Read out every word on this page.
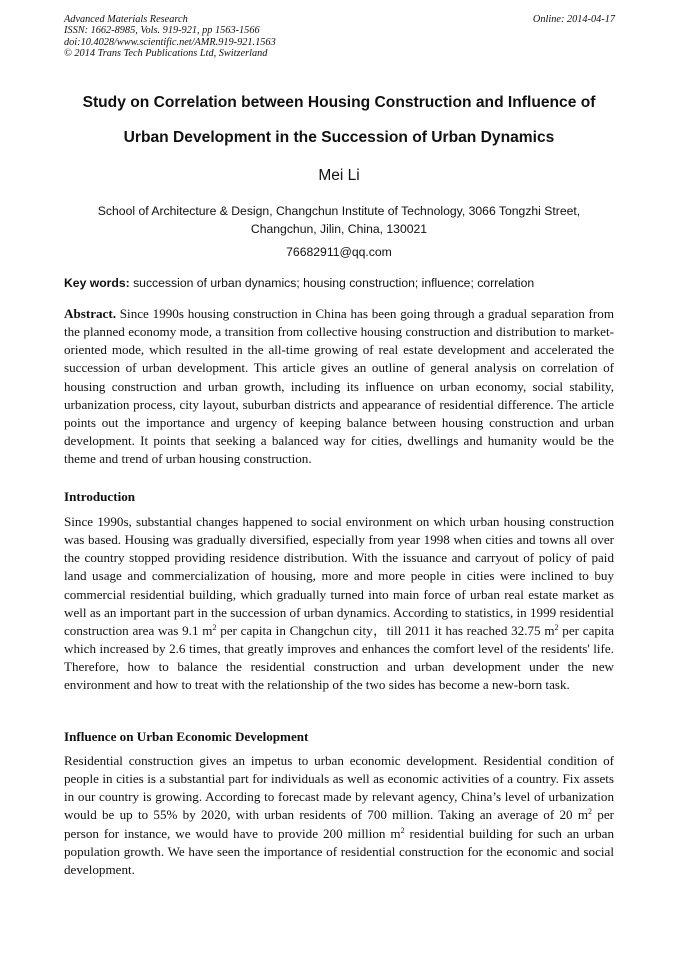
Advanced Materials Research
ISSN: 1662-8985, Vols. 919-921, pp 1563-1566
doi:10.4028/www.scientific.net/AMR.919-921.1563
© 2014 Trans Tech Publications Ltd, Switzerland
Online: 2014-04-17
Study on Correlation between Housing Construction and Influence of
Urban Development in the Succession of Urban Dynamics
Mei Li
School of Architecture & Design, Changchun Institute of Technology, 3066 Tongzhi Street,
Changchun, Jilin, China, 130021
76682911@qq.com
Key words: succession of urban dynamics; housing construction; influence; correlation
Abstract. Since 1990s housing construction in China has been going through a gradual separation from the planned economy mode, a transition from collective housing construction and distribution to market-oriented mode, which resulted in the all-time growing of real estate development and accelerated the succession of urban development. This article gives an outline of general analysis on correlation of housing construction and urban growth, including its influence on urban economy, social stability, urbanization process, city layout, suburban districts and appearance of residential difference. The article points out the importance and urgency of keeping balance between housing construction and urban development. It points that seeking a balanced way for cities, dwellings and humanity would be the theme and trend of urban housing construction.
Introduction
Since 1990s, substantial changes happened to social environment on which urban housing construction was based. Housing was gradually diversified, especially from year 1998 when cities and towns all over the country stopped providing residence distribution. With the issuance and carryout of policy of paid land usage and commercialization of housing, more and more people in cities were inclined to buy commercial residential building, which gradually turned into main force of urban real estate market as well as an important part in the succession of urban dynamics. According to statistics, in 1999 residential construction area was 9.1 $m^2$ per capita in Changchun city，till 2011 it has reached 32.75 $m^2$ per capita which increased by 2.6 times, that greatly improves and enhances the comfort level of the residents' life. Therefore, how to balance the residential construction and urban development under the new environment and how to treat with the relationship of the two sides has become a new-born task.
Influence on Urban Economic Development
Residential construction gives an impetus to urban economic development. Residential condition of people in cities is a substantial part for individuals as well as economic activities of a country. Fix assets in our country is growing. According to forecast made by relevant agency, China’s level of urbanization would be up to 55% by 2020, with urban residents of 700 million. Taking an average of 20 $m^2$ per person for instance, we would have to provide 200 million $m^2$ residential building for such an urban population growth. We have seen the importance of residential construction for the economic and social development.
